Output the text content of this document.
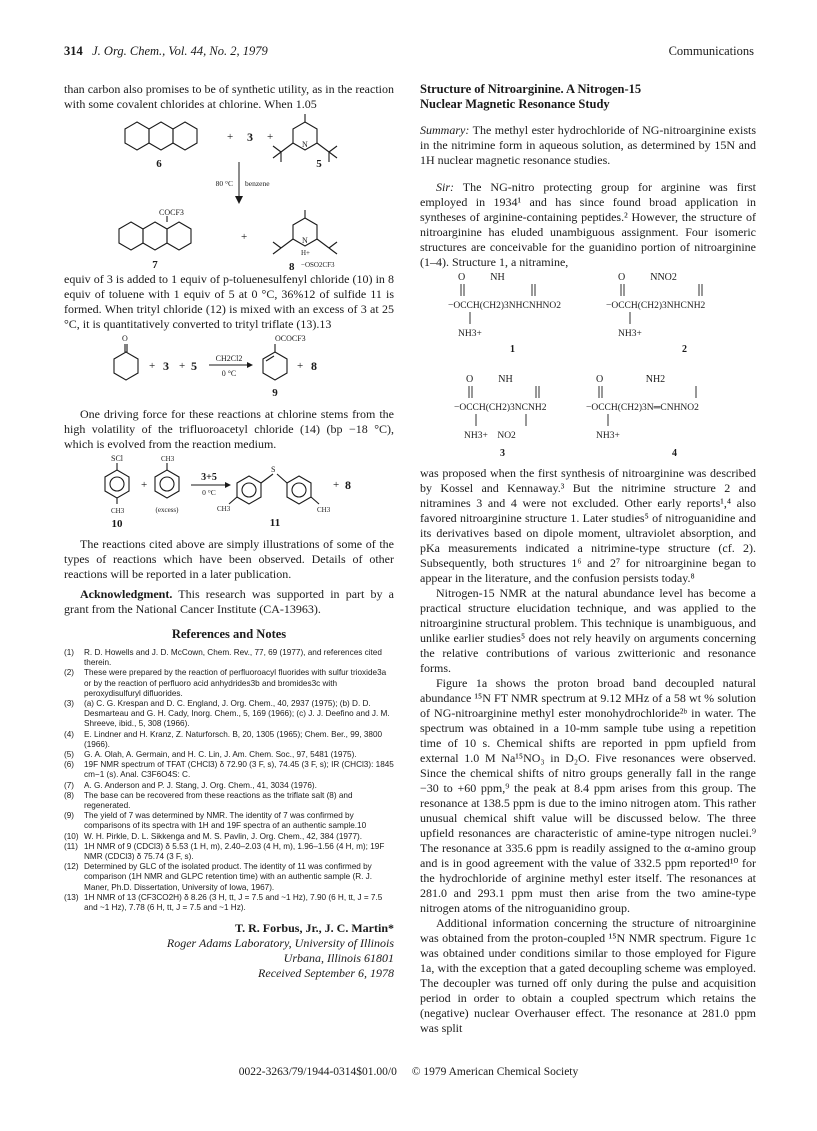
314 J. Org. Chem., Vol. 44, No. 2, 1979	Communications

than carbon also promises to be of synthetic utility, as in the reaction with some covalent chlorides at chlorine. When 1.05

6
+ 3 +
N
5
80 °C benzene
COCF3
7
+	N
H+
8 −OSO2CF3

equiv of 3 is added to 1 equiv of p-toluenesulfenyl chloride (10) in 8 equiv of toluene with 1 equiv of 5 at 0 °C, 36%12 of sulfide 11 is formed. When trityl chloride (12) is mixed with an excess of 3 at 25 °C, it is quantitatively converted to trityl triflate (13).13

O
+ 3 + 5
CH2Cl2
0 °C
OCOCF3
9
+ 8

One driving force for these reactions at chlorine stems from the high volatility of the trifluoroacetyl chloride (14) (bp −18 °C), which is evolved from the reaction medium.

SCl
CH3
10
+
CH3
(excess)
3+5
0 °C
S
CH3	CH3
11
+ 8

The reactions cited above are simply illustrations of some of the types of reactions which have been observed. Details of other reactions will be reported in a later publication.

Acknowledgment. This research was supported in part by a grant from the National Cancer Institute (CA-13963).

References and Notes
(1)	R. D. Howells and J. D. McCown, Chem. Rev., 77, 69 (1977), and references cited therein.
(2)	These were prepared by the reaction of perfluoroacyl fluorides with sulfur trioxide3a or by the reaction of perfluoro acid anhydrides3b and bromides3c with peroxydisulfuryl difluorides.
(3)	(a) C. G. Krespan and D. C. England, J. Org. Chem., 40, 2937 (1975); (b) D. D. Desmarteau and G. H. Cady, Inorg. Chem., 5, 169 (1966); (c) J. J. Deefino and J. M. Shreeve, ibid., 5, 308 (1966).
(4)	E. Lindner and H. Kranz, Z. Naturforsch. B, 20, 1305 (1965); Chem. Ber., 99, 3800 (1966).
(5)	G. A. Olah, A. Germain, and H. C. Lin, J. Am. Chem. Soc., 97, 5481 (1975).
(6)	19F NMR spectrum of TFAT (CHCl3) δ 72.90 (3 F, s), 74.45 (3 F, s); IR (CHCl3): 1845 cm−1 (s). Anal. C3F6O4S: C.
(7)	A. G. Anderson and P. J. Stang, J. Org. Chem., 41, 3034 (1976).
(8)	The base can be recovered from these reactions as the triflate salt (8) and regenerated.
(9)	The yield of 7 was determined by NMR. The identity of 7 was confirmed by comparisons of its spectra with 1H and 19F spectra of an authentic sample.10
(10) W. H. Pirkle, D. L. Sikkenga and M. S. Pavlin, J. Org. Chem., 42, 384 (1977).
(11) 1H NMR of 9 (CDCl3) δ 5.53 (1 H, m), 2.40–2.03 (4 H, m), 1.96–1.56 (4 H, m); 19F NMR (CDCl3) δ 75.74 (3 F, s).
(12) Determined by GLC of the isolated product. The identity of 11 was confirmed by comparison (1H NMR and GLPC retention time) with an authentic sample (R. J. Maner, Ph.D. Dissertation, University of Iowa, 1967).
(13) 1H NMR of 13 (CF3CO2H) δ 8.26 (3 H, tt, J = 7.5 and ~1 Hz), 7.90 (6 H, tt, J = 7.5 and ~1 Hz), 7.78 (6 H, tt, J = 7.5 and ~1 Hz).
T. R. Forbus, Jr., J. C. Martin*
Roger Adams Laboratory, University of Illinois
Urbana, Illinois 61801
Received September 6, 1978
Structure of Nitroarginine. A Nitrogen-15
Nuclear Magnetic Resonance Study

Summary: The methyl ester hydrochloride of NG-nitroarginine exists in the nitrimine form in aqueous solution, as determined by 15N and 1H nuclear magnetic resonance studies.

Sir: The NG-nitro protecting group for arginine was first employed in 1934¹ and has since found broad application in syntheses of arginine-containing peptides.² However, the structure of nitroarginine has eluded unambiguous assignment. Four isomeric structures are conceivable for the guanidino portion of nitroarginine (1–4). Structure 1, a nitramine,

O          NH
−OCCH(CH2)3NHCNHNO2
NH3+
1
O          NNO2
−OCCH(CH2)3NHCNH2
NH3+
2
O          NH
−OCCH(CH2)3NCNH2
NH3+    NO2
3
O                 NH2
−OCCH(CH2)3N═CNHNO2
NH3+
4

was proposed when the first synthesis of nitroarginine was described by Kossel and Kennaway.³ But the nitrimine structure 2 and nitramines 3 and 4 were not excluded. Other early reports¹,⁴ also favored nitroarginine structure 1. Later studies⁵ of nitroguanidine and its derivatives based on dipole moment, ultraviolet absorption, and pKa measurements indicated a nitrimine-type structure (cf. 2). Subsequently, both structures 1⁶ and 2⁷ for nitroarginine began to appear in the literature, and the confusion persists today.⁸

Nitrogen-15 NMR at the natural abundance level has become a practical structure elucidation technique, and was applied to the nitroarginine structural problem. This technique is unambiguous, and unlike earlier studies⁵ does not rely heavily on arguments concerning the relative contributions of various zwitterionic and resonance forms.

Figure 1a shows the proton broad band decoupled natural abundance ¹⁵N FT NMR spectrum at 9.12 MHz of a 58 wt % solution of NG-nitroarginine methyl ester monohydrochloride²ᵇ in water. The spectrum was obtained in a 10-mm sample tube using a repetition time of 10 s. Chemical shifts are reported in ppm upfield from external 1.0 M Na¹⁵NO₃ in D₂O. Five resonances were observed. Since the chemical shifts of nitro groups generally fall in the range −30 to +60 ppm,⁹ the peak at 8.4 ppm arises from this group. The resonance at 138.5 ppm is due to the imino nitrogen atom. This rather unusual chemical shift value will be discussed below. The three upfield resonances are characteristic of amine-type nitrogen nuclei.⁹ The resonance at 335.6 ppm is readily assigned to the α-amino group and is in good agreement with the value of 332.5 ppm reported¹⁰ for the hydrochloride of arginine methyl ester itself. The resonances at 281.0 and 293.1 ppm must then arise from the two amine-type nitrogen atoms of the nitroguanidino group.

Additional information concerning the structure of nitroarginine was obtained from the proton-coupled ¹⁵N NMR spectrum. Figure 1c was obtained under conditions similar to those employed for Figure 1a, with the exception that a gated decoupling scheme was employed. The decoupler was turned off only during the pulse and acquisition period in order to obtain a coupled spectrum which retains the (negative) nuclear Overhauser effect. The resonance at 281.0 ppm was split

0022-3263/79/1944-0314$01.00/0 © 1979 American Chemical Society
